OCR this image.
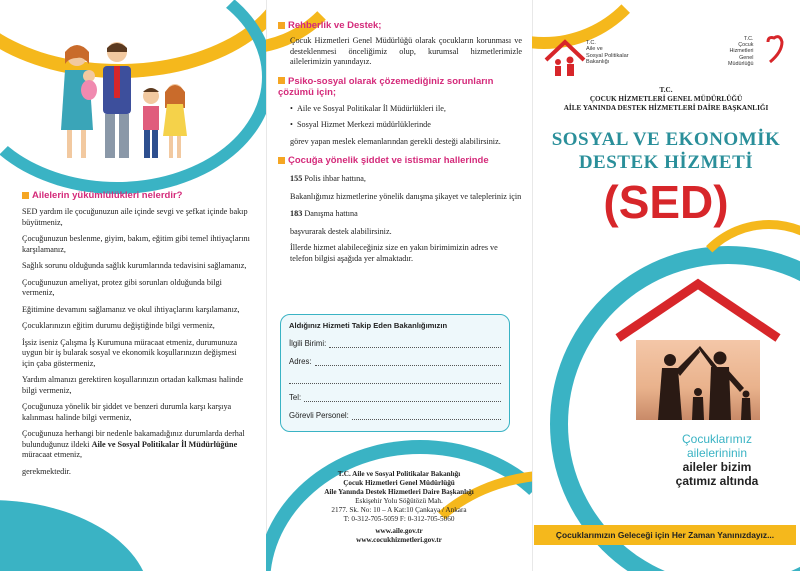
Ailelerin yükümlülükleri nelerdir?

SED yardım ile çocuğunuzun aile içinde sevgi ve şefkat içinde bakıp büyütmeniz,

Çocuğunuzun beslenme, giyim, bakım, eğitim gibi temel ihtiyaçlarını karşılamanız,

Sağlık sorunu olduğunda sağlık kurumlarında tedavisini sağlamanız,

Çocuğunuzun ameliyat, protez gibi sorunları olduğunda bilgi vermeniz,

Eğitimine devamını sağlamanız ve okul ihtiyaçlarını karşılamanız,

Çocuklarınızın eğitim durumu değiştiğinde bilgi vermeniz,

İşsiz iseniz Çalışma İş Kurumuna müracaat etmeniz, durumunuza uygun bir iş bularak sosyal ve ekonomik koşullarınızın değişmesi için çaba göstermeniz,

Yardım almanızı gerektiren koşullarınızın ortadan kalkması halinde bilgi vermeniz,

Çocuğunuza yönelik bir şiddet ve benzeri durumla karşı karşıya kalınması halinde bilgi vermeniz,

Çocuğunuza herhangi bir nedenle bakamadığınız durumlarda derhal bulunduğunuz ildeki Aile ve Sosyal Politikalar İl Müdürlüğüne müracaat etmeniz,

gerekmektedir.

Rehberlik ve Destek;

Çocuk Hizmetleri Genel Müdürlüğü olarak çocukların korunması ve desteklenmesi önceliğimiz olup, kurumsal hizmetlerimizle ailelerimizin yanındayız.

Psiko-sosyal olarak çözemediğiniz sorunların çözümü için;

•  Aile ve Sosyal Politikalar İl Müdürlükleri ile,

•  Sosyal Hizmet Merkezi müdürlüklerinde

görev yapan meslek elemanlarından gerekli desteği alabilirsiniz.

Çocuğa yönelik şiddet ve istismar hallerinde

155 Polis ihbar hattına,

Bakanlığımız hizmetlerine yönelik danışma şikayet ve talepleriniz için

183 Danışma hattına

başvurarak destek alabilirsiniz.

İllerde hizmet alabileceğiniz size en yakın birimimizin adres ve telefon bilgisi aşağıda yer almaktadır.

Aldığınız Hizmeti Takip Eden Bakanlığımızın
İlgili Birimi:
Adres:
Tel:
Görevli Personel:
T.C. Aile ve Sosyal Politikalar Bakanlığı
Çocuk Hizmetleri Genel Müdürlüğü
Aile Yanında Destek Hizmetleri Daire Başkanlığı
Eskişehir Yolu Söğütözü Mah.
2177. Sk. No: 10 – A Kat:10 Çankaya / Ankara
T: 0-312-705-5059 F: 0-312-705-5060
www.aile.gov.tr
www.cocukhizmetleri.gov.tr
T.C.
Aile ve
Sosyal Politikalar
Bakanlığı
T.C.
Çocuk
Hizmetleri
Genel
Müdürlüğü
T.C.
ÇOCUK HİZMETLERİ GENEL MÜDÜRLÜĞÜ
AİLE YANINDA DESTEK HİZMETLERİ DAİRE BAŞKANLIĞI
SOSYAL VE EKONOMİK
DESTEK HİZMETİ
(SED)
Çocuklarımız
ailelerininin
aileler bizim
çatımız altında
Çocuklarımızın Geleceği için Her Zaman Yanınızdayız...
